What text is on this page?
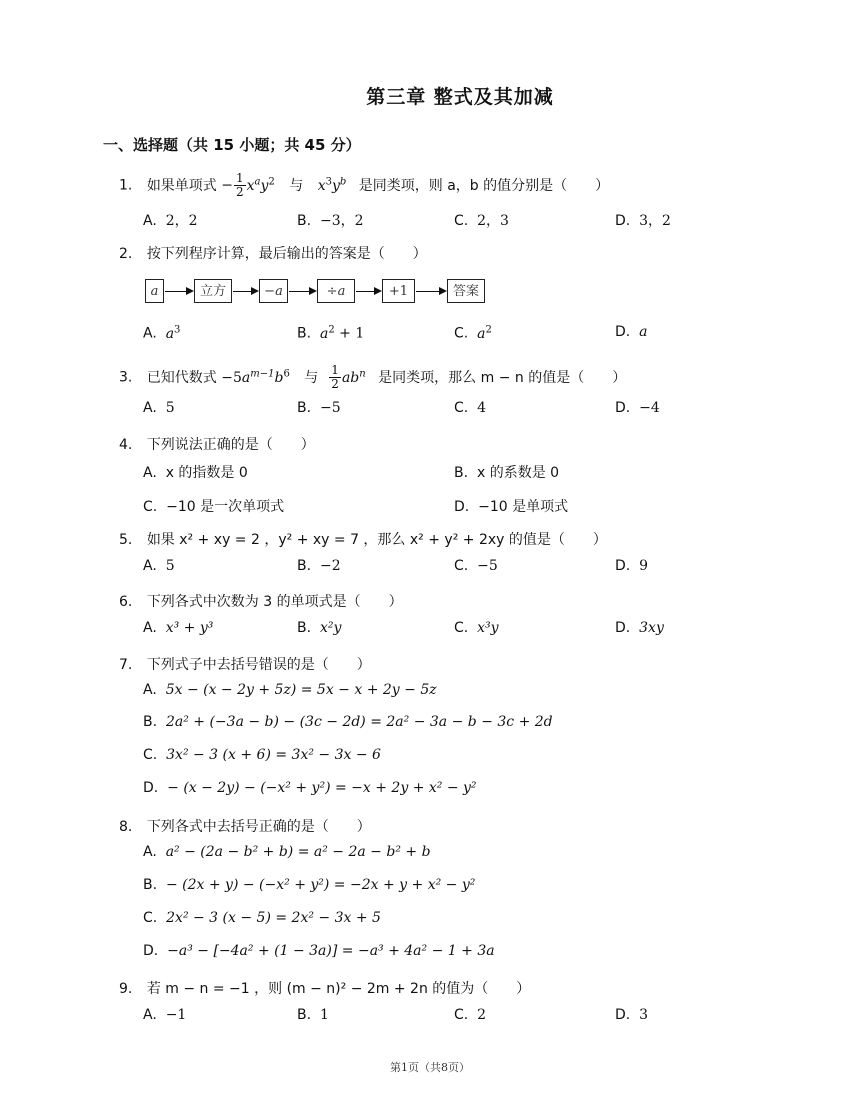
第三章 整式及其加减
一、选择题（共 15 小题；共 45 分）
1. 如果单项式 − $\frac{1}{2} x^ay^2$ 与 $x^3y^b$ 是同类项，则 a，b 的值分别是（　　）
A. 2，2	B. −3，2	C. 2，3	D. 3，2
2. 按下列程序计算，最后输出的答案是（　　）
a	立方	−a	÷a	+1	答案
A. $a^3$	B. $a^2 + 1$	C. $a^2$	D. a
3. 已知代数式 $-5a^{m-1}b^6$ 与 $\frac{1}{2} ab^n$ 是同类项，那么 m − n 的值是（　　）
A. 5	B. −5	C. 4	D. −4
4. 下列说法正确的是（　　）
A. x 的指数是 0	B. x 的系数是 0
C. −10 是一次单项式	D. −10 是单项式
5. 如果 x² + xy = 2 ，y² + xy = 7 ，那么 x² + y² + 2xy 的值是（　　）
A. 5	B. −2	C. −5	D. 9
6. 下列各式中次数为 3 的单项式是（　　）
A. x³ + y³	B. x²y	C. x³y	D. 3xy
7. 下列式子中去括号错误的是（　　）
A. 5x − (x − 2y + 5z) = 5x − x + 2y − 5z
B. 2a² + (−3a − b) − (3c − 2d) = 2a² − 3a − b − 3c + 2d
C. 3x² − 3 (x + 6) = 3x² − 3x − 6
D. − (x − 2y) − (−x² + y²) = −x + 2y + x² − y²
8. 下列各式中去括号正确的是（　　）
A. a² − (2a − b² + b) = a² − 2a − b² + b
B. − (2x + y) − (−x² + y²) = −2x + y + x² − y²
C. 2x² − 3 (x − 5) = 2x² − 3x + 5
D. −a³ − [−4a² + (1 − 3a)] = −a³ + 4a² − 1 + 3a
9. 若 m − n = −1 ，则 (m − n)² − 2m + 2n 的值为（　　）
A. −1	B. 1	C. 2	D. 3
第1页（共8页）
